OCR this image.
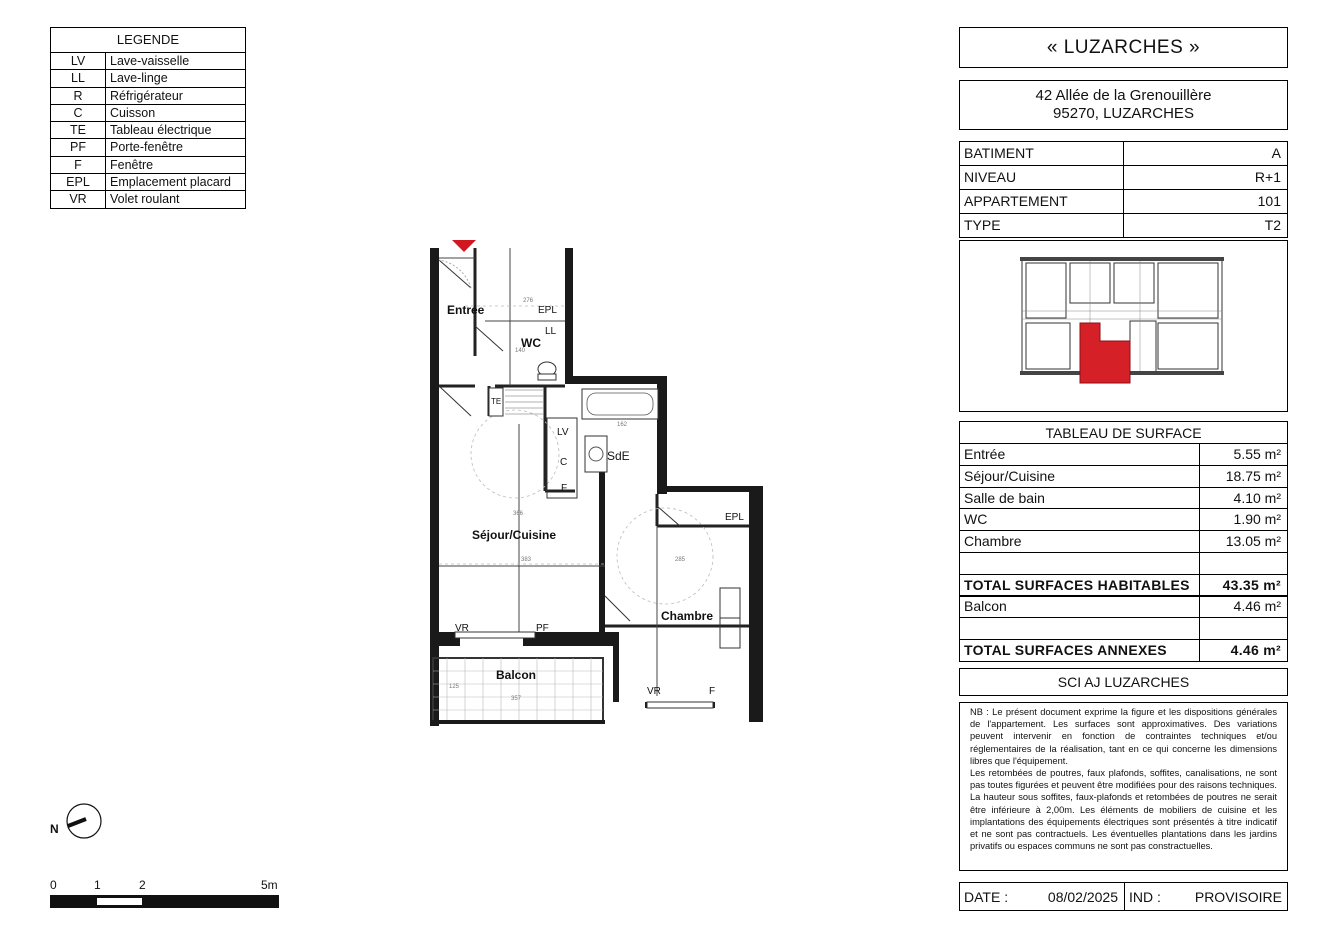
LEGENDE
LV	Lave-vaisselle
LL	Lave-linge
R	Réfrigérateur
C	Cuisson
TE	Tableau électrique
PF	Porte-fenêtre
F	Fenêtre
EPL	Emplacement placard
VR	Volet roulant
Entrée
WC
SdE
Séjour/Cuisine
Chambre
Balcon
EPL
LL
TE
LV
C
F
EPL
VR	PF
VR	F
276
140
162
366
383	285
125
357
N
0	1	2	5m
« LUZARCHES »
42 Allée de la Grenouillère
95270, LUZARCHES
BATIMENT	A
NIVEAU	R+1
APPARTEMENT	101
TYPE	T2
TABLEAU DE SURFACE
Entrée	5.55 m²
Séjour/Cuisine	18.75 m²
Salle de bain	4.10 m²
WC	1.90 m²
Chambre	13.05 m²
TOTAL SURFACES HABITABLES	43.35 m²
Balcon	4.46 m²
TOTAL SURFACES ANNEXES	4.46 m²
SCI AJ LUZARCHES

NB : Le présent document exprime la figure et les dispositions générales de l'appartement. Les surfaces sont approximatives. Des variations peuvent intervenir en fonction de contraintes techniques et/ou réglementaires de la réalisation, tant en ce qui concerne les dimensions libres que l'équipement.

Les retombées de poutres, faux plafonds, soffites, canalisations, ne sont pas toutes figurées et peuvent être modifiées pour des raisons techniques. La hauteur sous soffites, faux-plafonds et retombées de poutres ne serait être inférieure à 2,00m. Les éléments de mobiliers de cuisine et les implantations des équipements électriques sont présentés à titre indicatif et ne sont pas contractuels. Les éventuelles plantations dans les jardins privatifs ou espaces communs ne sont pas constractuelles.

DATE :	08/02/2025 IND : PROVISOIRE
